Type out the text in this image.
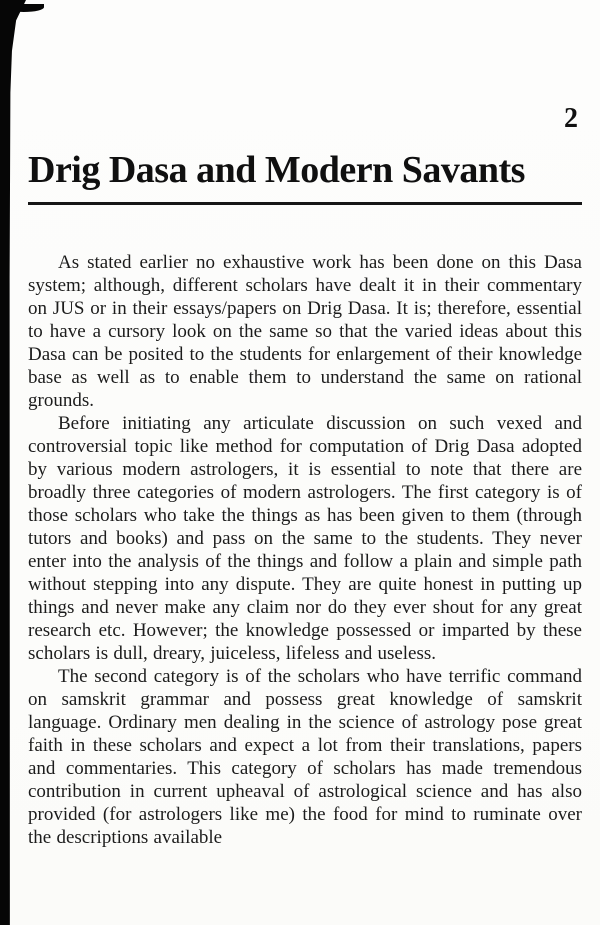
2
Drig Dasa and Modern Savants

As stated earlier no exhaustive work has been done on this Dasa system; although, different scholars have dealt it in their commentary on JUS or in their essays/papers on Drig Dasa. It is; therefore, essential to have a cursory look on the same so that the varied ideas about this Dasa can be posited to the students for enlargement of their knowledge base as well as to enable them to understand the same on rational grounds.

Before initiating any articulate discussion on such vexed and controversial topic like method for computation of Drig Dasa adopted by various modern astrologers, it is essential to note that there are broadly three categories of modern astrologers. The first category is of those scholars who take the things as has been given to them (through tutors and books) and pass on the same to the students. They never enter into the analysis of the things and follow a plain and simple path without stepping into any dispute. They are quite honest in putting up things and never make any claim nor do they ever shout for any great research etc. However; the knowledge possessed or imparted by these scholars is dull, dreary, juiceless, lifeless and useless.

The second category is of the scholars who have terrific command on samskrit grammar and possess great knowledge of samskrit language. Ordinary men dealing in the science of astrology pose great faith in these scholars and expect a lot from their translations, papers and commentaries. This category of scholars has made tremendous contribution in current upheaval of astrological science and has also provided (for astrologers like me) the food for mind to ruminate over the descriptions available
